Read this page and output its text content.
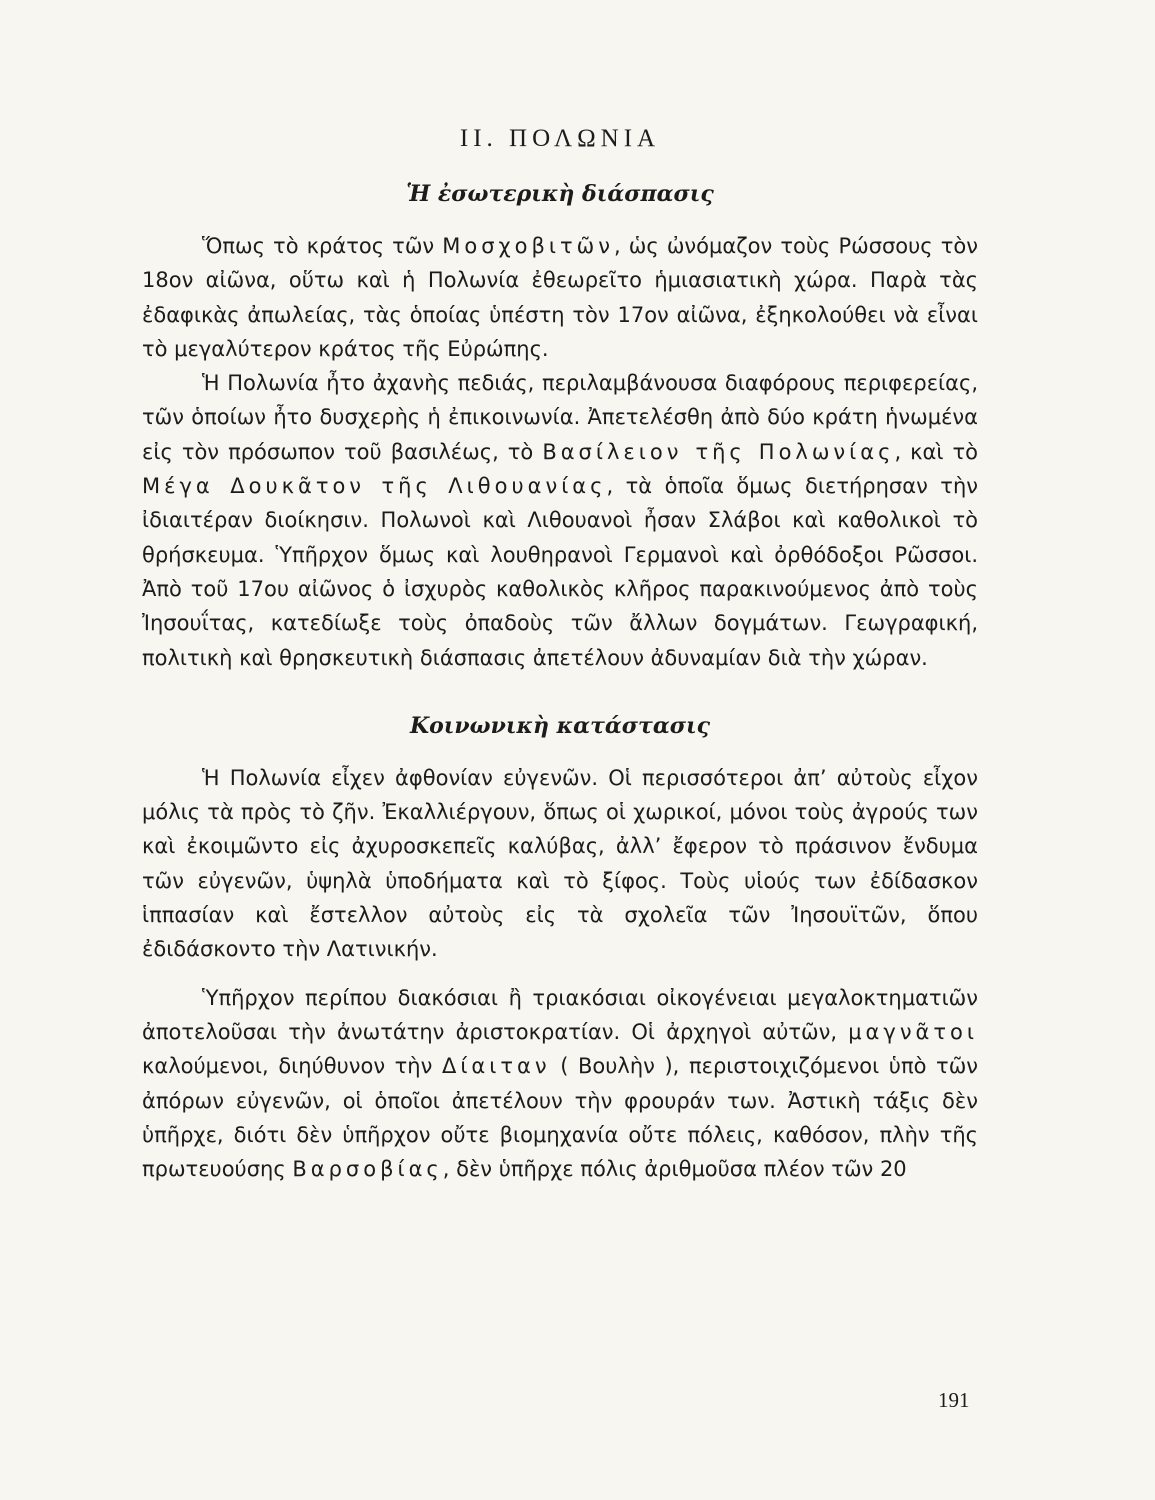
II. ΠΟΛΩΝΙΑ
Ἡ ἐσωτερικὴ διάσπασις

Ὅπως τὸ κράτος τῶν Μοσχοβιτῶν, ὡς ὠνόμαζον τοὺς Ρώσσους τὸν 18ον αἰῶνα, οὕτω καὶ ἡ Πολωνία ἐθεωρεῖτο ἡμιασιατικὴ χώρα. Παρὰ τὰς ἐδαφικὰς ἀπωλείας, τὰς ὁποίας ὑπέστη τὸν 17ον αἰῶνα, ἐξηκολούθει νὰ εἶναι τὸ μεγαλύτερον κράτος τῆς Εὐρώπης.

Ἡ Πολωνία ἦτο ἀχανὴς πεδιάς, περιλαμβάνουσα διαφόρους περιφερείας, τῶν ὁποίων ἦτο δυσχερὴς ἡ ἐπικοινωνία. Ἀπετελέσθη ἀπὸ δύο κράτη ἡνωμένα εἰς τὸν πρόσωπον τοῦ βασιλέως, τὸ Βασίλειον τῆς Πολωνίας, καὶ τὸ Μέγα Δουκᾶτον τῆς Λιθουανίας, τὰ ὁποῖα ὅμως διετήρησαν τὴν ἰδιαιτέραν διοίκησιν. Πολωνοὶ καὶ Λιθουανοὶ ἦσαν Σλάβοι καὶ καθολικοὶ τὸ θρήσκευμα. Ὑπῆρχον ὅμως καὶ λουθηρανοὶ Γερμανοὶ καὶ ὀρθόδοξοι Ρῶσσοι. Ἀπὸ τοῦ 17ου αἰῶνος ὁ ἰσχυρὸς καθολικὸς κλῆρος παρακινούμενος ἀπὸ τοὺς Ἰησουΐτας, κατεδίωξε τοὺς ὀπαδοὺς τῶν ἄλλων δογμάτων. Γεωγραφική, πολιτικὴ καὶ θρησκευτικὴ διάσπασις ἀπετέλουν ἀδυναμίαν διὰ τὴν χώραν.

Κοινωνικὴ κατάστασις

Ἡ Πολωνία εἶχεν ἀφθονίαν εὐγενῶν. Οἱ περισσότεροι ἀπ’ αὐτοὺς εἶχον μόλις τὰ πρὸς τὸ ζῆν. Ἐκαλλιέργουν, ὅπως οἱ χωρικοί, μόνοι τοὺς ἀγρούς των καὶ ἐκοιμῶντο εἰς ἀχυροσκεπεῖς καλύβας, ἀλλ’ ἔφερον τὸ πράσινον ἔνδυμα τῶν εὐγενῶν, ὑψηλὰ ὑποδήματα καὶ τὸ ξίφος. Τοὺς υἱούς των ἐδίδασκον ἱππασίαν καὶ ἔστελλον αὐτοὺς εἰς τὰ σχολεῖα τῶν Ἰησουϊτῶν, ὅπου ἐδιδάσκοντο τὴν Λατινικήν.

Ὑπῆρχον περίπου διακόσιαι ἢ τριακόσιαι οἰκογένειαι μεγαλοκτηματιῶν ἀποτελοῦσαι τὴν ἀνωτάτην ἀριστοκρατίαν. Οἱ ἀρχηγοὶ αὐτῶν, μαγνᾶτοι καλούμενοι, διηύθυνον τὴν Δίαιταν ( Βουλὴν ), περιστοιχιζόμενοι ὑπὸ τῶν ἀπόρων εὐγενῶν, οἱ ὁποῖοι ἀπετέλουν τὴν φρουράν των. Ἀστικὴ τάξις δὲν ὑπῆρχε, διότι δὲν ὑπῆρχον οὔτε βιομηχανία οὔτε πόλεις, καθόσον, πλὴν τῆς πρωτευούσης Βαρσοβίας, δὲν ὑπῆρχε πόλις ἀριθμοῦσα πλέον τῶν 20

191
